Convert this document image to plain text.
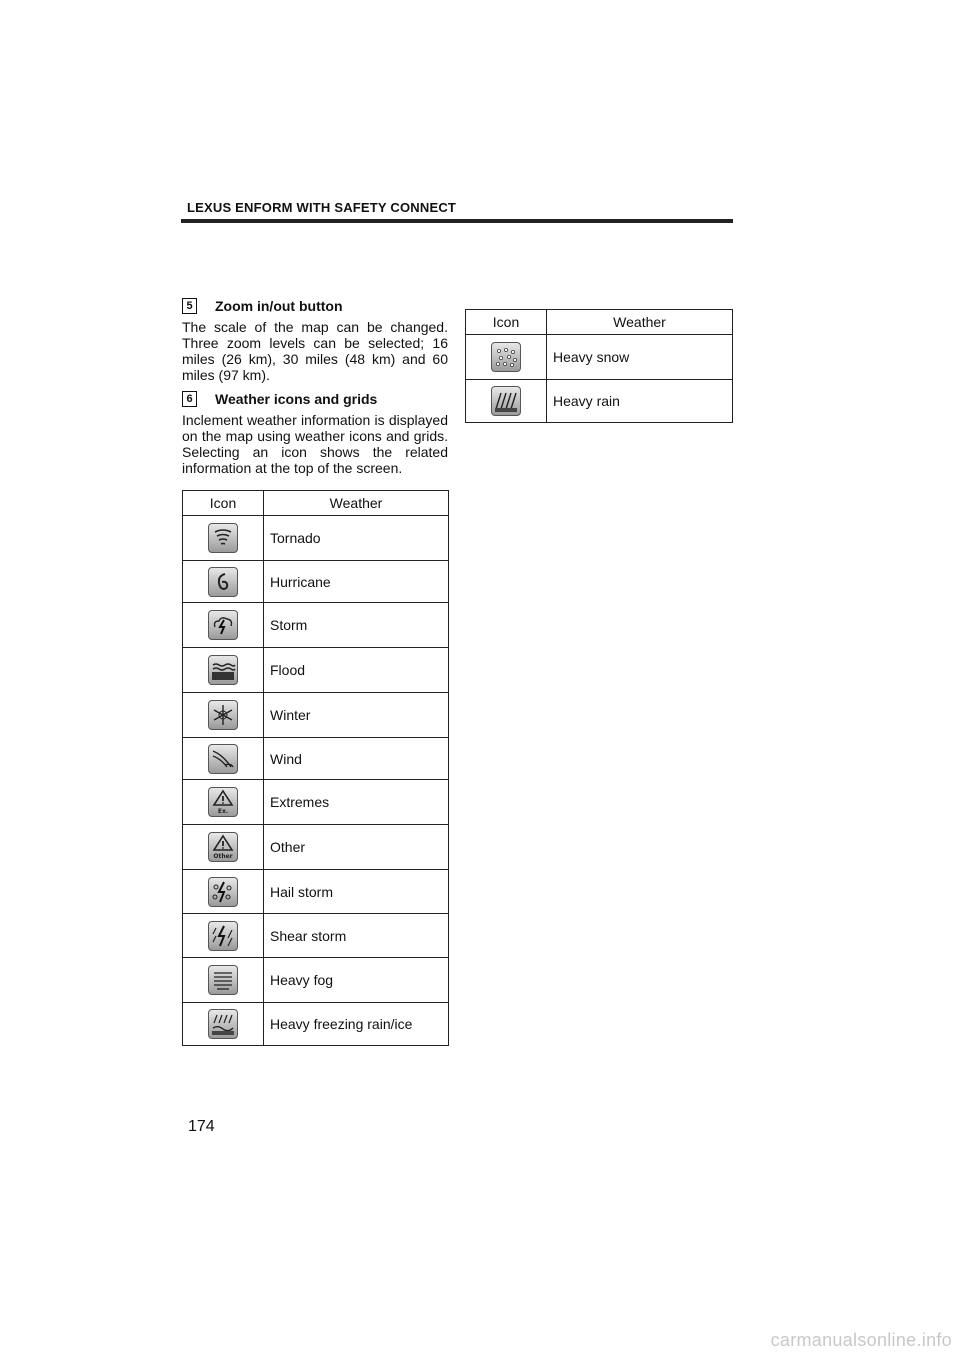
LEXUS ENFORM WITH SAFETY CONNECT
5	Zoom in/out button

The scale of the map can be changed. Three zoom levels can be selected; 16 miles (26 km), 30 miles (48 km) and 60 miles (97 km).

6	Weather icons and grids

Inclement weather information is displayed on the map using weather icons and grids. Selecting an icon shows the related information at the top of the screen.

Icon	Weather

	Tornado

	Hurricane

	Storm

	Flood

	Winter

	Wind

Ex.	Extremes

Other	Other

	Hail storm

	Shear storm

	Heavy fog

	Heavy freezing rain/ice
Icon	Weather

	Heavy snow

	Heavy rain
174
carmanualsonline.info
